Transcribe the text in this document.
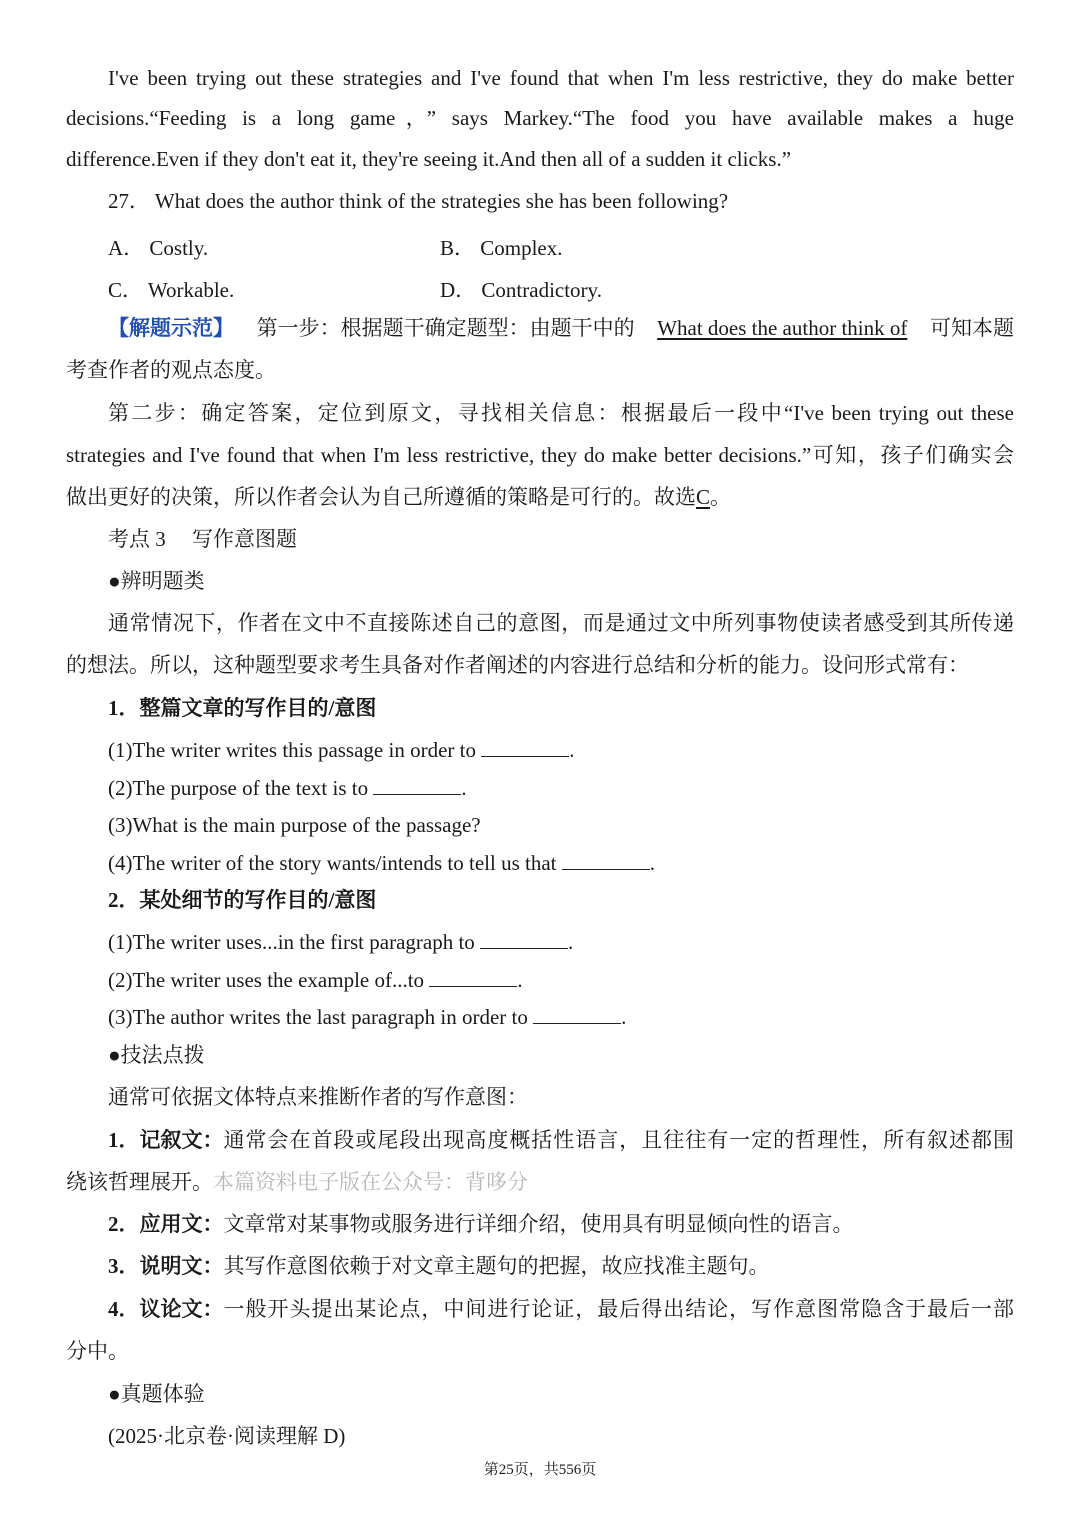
I've been trying out these strategies and I've found that when I'm less restrictive, they do make better
decisions.“Feeding is a long game，” says Markey.“The food you have available makes a huge
difference.Even if they don't eat it, they're seeing it.And then all of a sudden it clicks.”
27． What does the author think of the strategies she has been following?
A． Costly.	B． Complex.
C． Workable.	D． Contradictory.
【解题示范】 第一步：根据题干确定题型：由题干中的 What does the author think of 可知本题
考查作者的观点态度。
第二步：确定答案，定位到原文，寻找相关信息：根据最后一段中“I've been trying out these
strategies and I've found that when I'm less restrictive, they do make better decisions.”可知，孩子们确实会
做出更好的决策，所以作者会认为自己所遵循的策略是可行的。故选C。
考点 3　 写作意图题
●辨明题类
通常情况下，作者在文中不直接陈述自己的意图，而是通过文中所列事物使读者感受到其所传递
的想法。所以，这种题型要求考生具备对作者阐述的内容进行总结和分析的能力。设问形式常有：
1．整篇文章的写作目的/意图
(1)The writer writes this passage in order to	.
(2)The purpose of the text is to	.
(3)What is the main purpose of the passage?
(4)The writer of the story wants/intends to tell us that	.
2．某处细节的写作目的/意图
(1)The writer uses...in the first paragraph to	.
(2)The writer uses the example of...to	.
(3)The author writes the last paragraph in order to	.
●技法点拨
通常可依据文体特点来推断作者的写作意图：
1．记叙文： 通常会在首段或尾段出现高度概括性语言，且往往有一定的哲理性，所有叙述都围
绕该哲理展开。本篇资料电子版在公众号：背哆分
2．应用文：文章常对某事物或服务进行详细介绍，使用具有明显倾向性的语言。
3．说明文：其写作意图依赖于对文章主题句的把握，故应找准主题句。
4．议论文： 一般开头提出某论点，中间进行论证，最后得出结论，写作意图常隐含于最后一部
分中。
●真题体验
(2025·北京卷·阅读理解 D)
第25页，共556页
